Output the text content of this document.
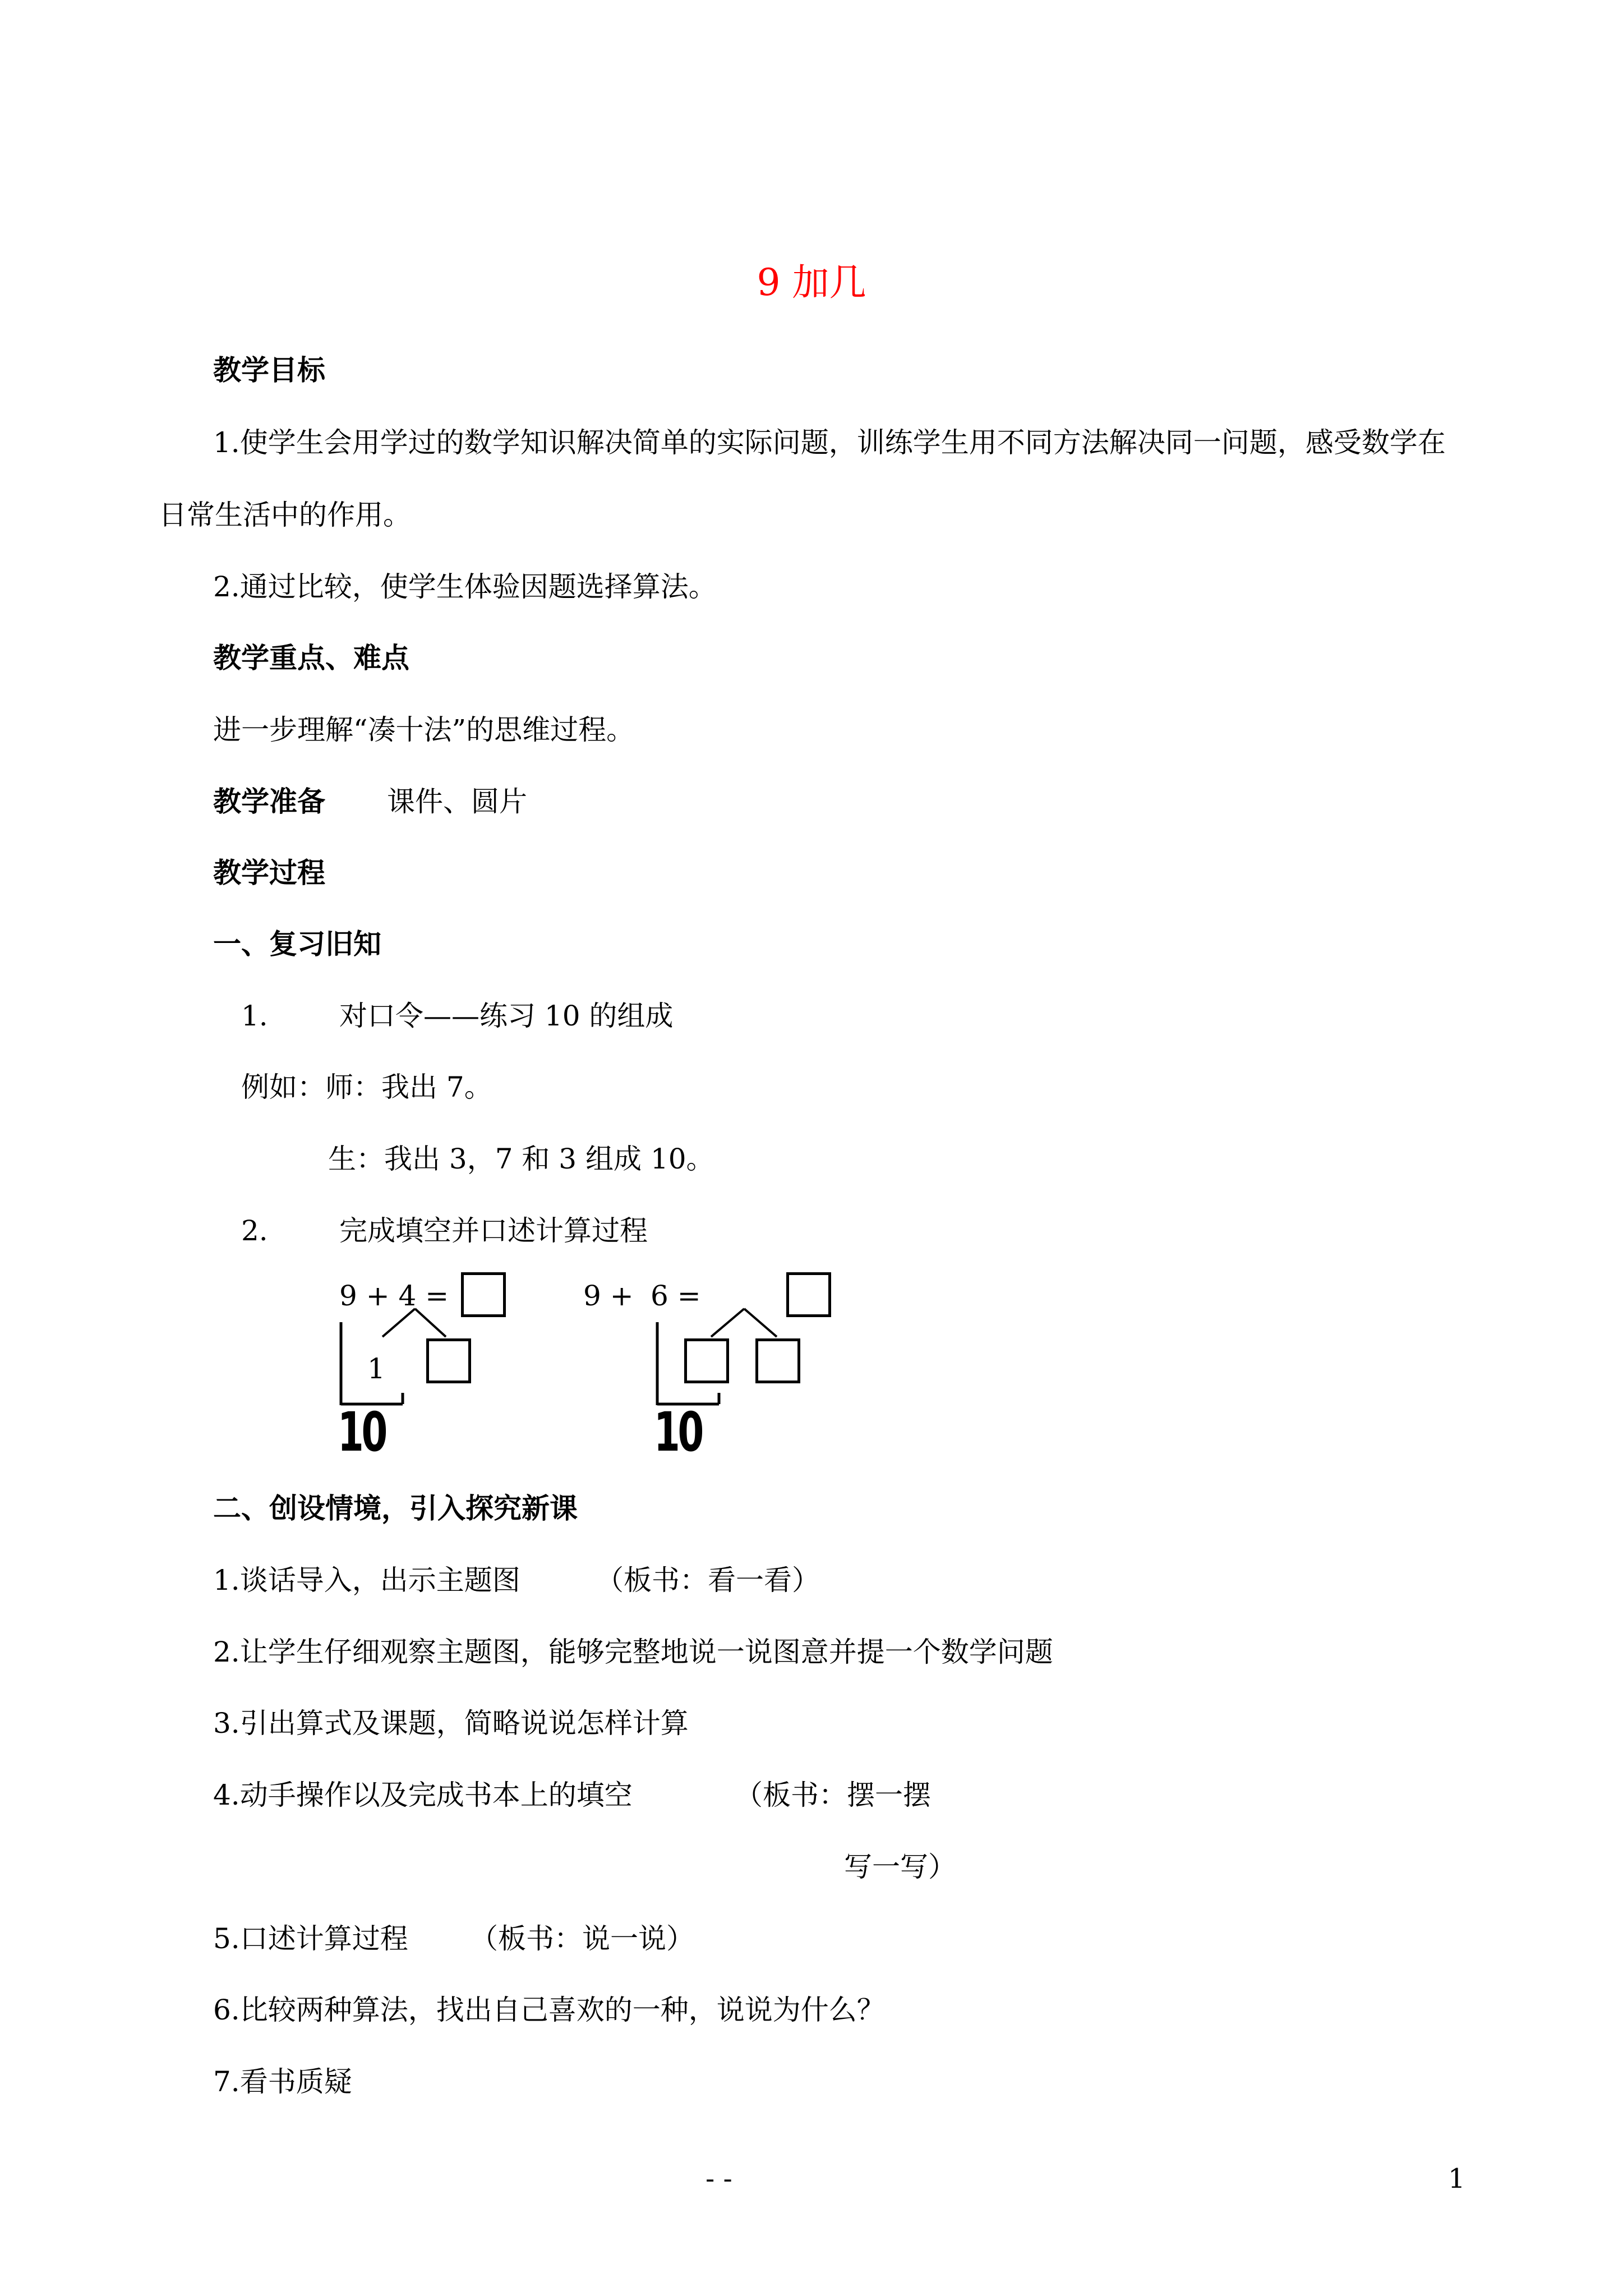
9 加几
教学目标
1.使学生会用学过的数学知识解决简单的实际问题，训练学生用不同方法解决同一问题，感受数学在
日常生活中的作用。
2.通过比较，使学生体验因题选择算法。
教学重点、难点
进一步理解“凑十法”的思维过程。
教学准备 课件、圆片
教学过程
一、复习旧知
1.	对口令——练习 10 的组成
例如：师：我出 7。
生：我出 3，7 和 3 组成 10。
2.	完成填空并口述计算过程
9 + 4 =
1
10
9 + 6 =
10
二、创设情境，引入探究新课
1.谈话导入，出示主题图	（板书：看一看）
2.让学生仔细观察主题图，能够完整地说一说图意并提一个数学问题
3.引出算式及课题，简略说说怎样计算
4.动手操作以及完成书本上的填空	（板书：摆一摆
写一写）
5.口述计算过程 （板书：说一说）
6.比较两种算法，找出自己喜欢的一种，说说为什么？
7.看书质疑
- -	1
